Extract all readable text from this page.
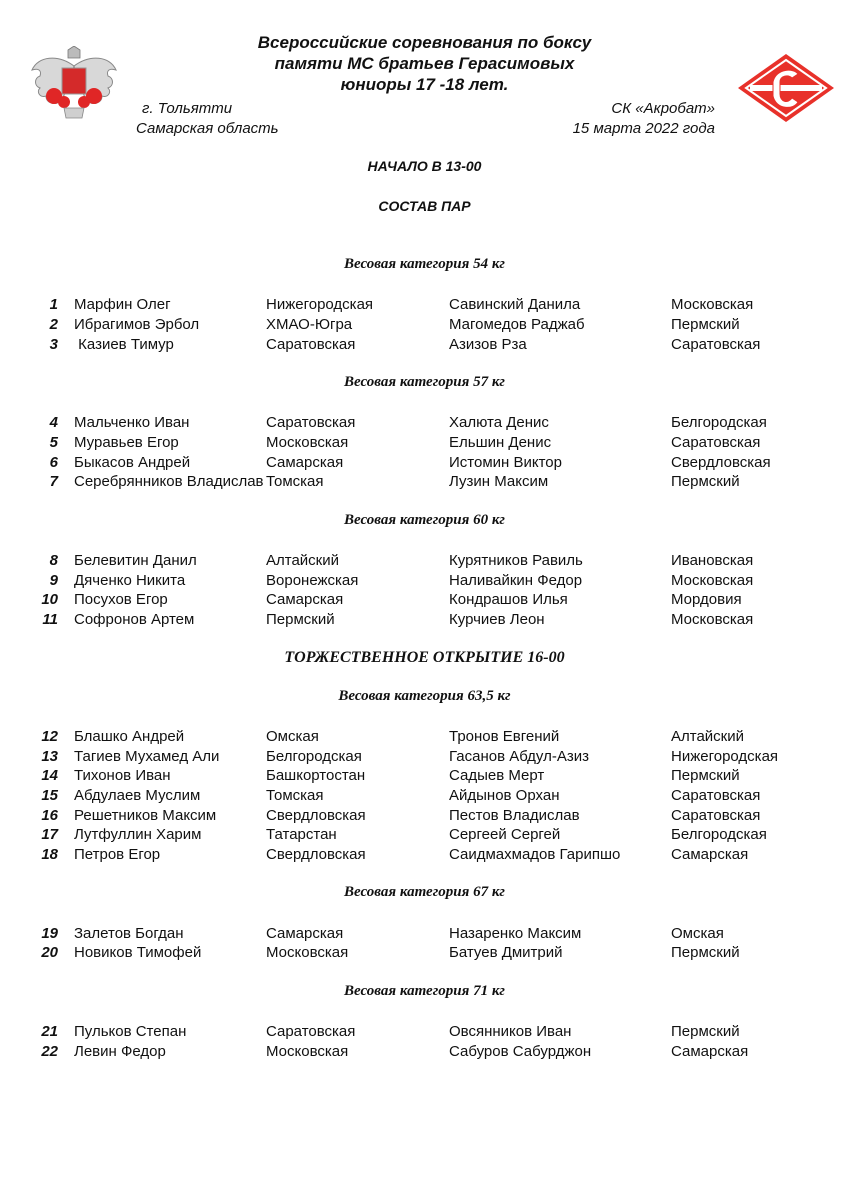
Всероссийские соревнования по боксу
памяти МС братьев Герасимовых
юниоры 17 -18 лет.
г. Тольятти
Самарская область
СК «Акробат»
15 марта 2022 года
НАЧАЛО В 13-00
СОСТАВ ПАР
Весовая категория 54 кг
1 Марфин Олег	Нижегородская	Савинский Данила	Московская
2 Ибрагимов Эрбол	ХМАО-Югра	Магомедов Раджаб	Пермский
3 Казиев Тимур	Саратовская	Азизов Рза	Саратовская
Весовая категория 57 кг
4 Мальченко Иван	Саратовская	Халюта Денис	Белгородская
5 Муравьев Егор	Московская	Ельшин Денис	Саратовская
6 Быкасов Андрей	Самарская	Истомин Виктор	Свердловская
7 Серебрянников Владислав Томская	Лузин Максим	Пермский
Весовая категория 60 кг
8 Белевитин Данил	Алтайский	Курятников Равиль	Ивановская
9 Дяченко Никита	Воронежская	Наливайкин Федор	Московская
10 Посухов Егор	Самарская	Кондрашов Илья	Мордовия
11 Софронов Артем	Пермский	Курчиев Леон	Московская
ТОРЖЕСТВЕННОЕ ОТКРЫТИЕ 16-00
Весовая категория 63,5 кг
12 Блашко Андрей	Омская	Тронов Евгений	Алтайский
13 Тагиев Мухамед Али	Белгородская	Гасанов Абдул-Азиз	Нижегородская
14 Тихонов Иван	Башкортостан	Садыев Мерт	Пермский
15 Абдулаев Муслим	Томская	Айдынов Орхан	Саратовская
16 Решетников Максим	Свердловская	Пестов Владислав	Саратовская
17 Лутфуллин Харим	Татарстан	Сергеей Сергей	Белгородская
18 Петров Егор	Свердловская	Саидмахмадов Гарипшо	Самарская
Весовая категория 67 кг
19 Залетов Богдан	Самарская	Назаренко Максим	Омская
20 Новиков Тимофей	Московская	Батуев Дмитрий	Пермский
Весовая категория 71 кг
21 Пульков Степан	Саратовская	Овсянников Иван	Пермский
22 Левин Федор	Московская	Сабуров Сабурджон	Самарская
